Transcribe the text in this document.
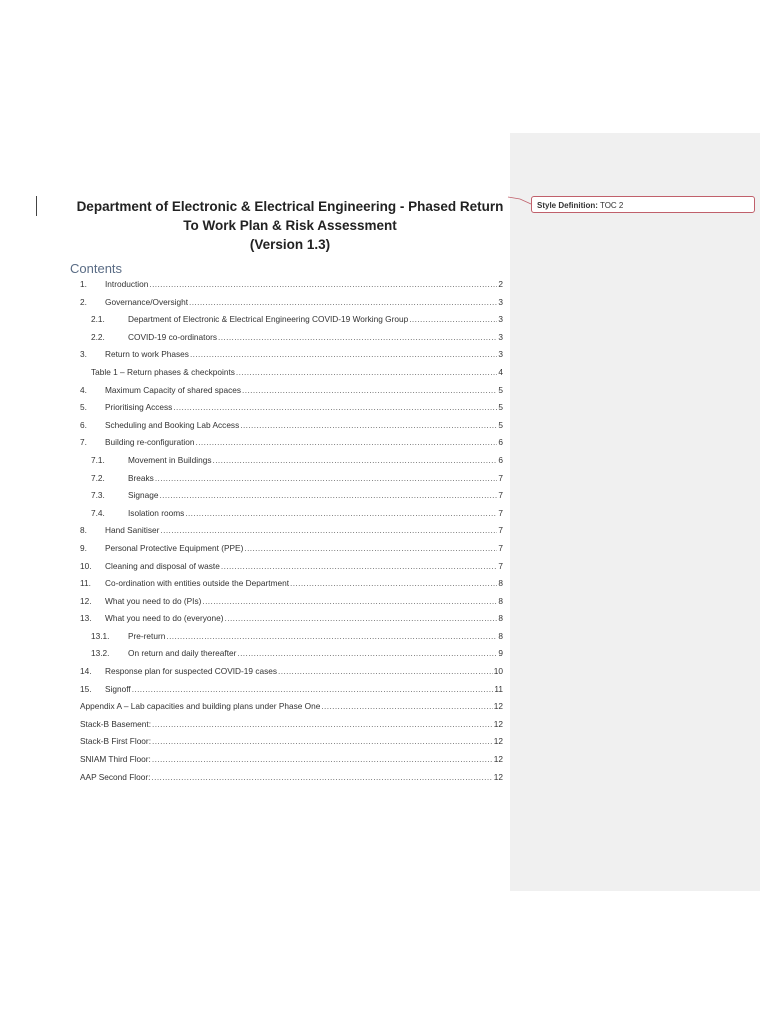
Department of Electronic & Electrical Engineering - Phased Return
To Work Plan & Risk Assessment
(Version 1.3)
Contents
1.	Introduction .....	2
2.	Governance/Oversight .....	3
2.1.	Department of Electronic & Electrical Engineering COVID-19 Working Group .....	3
2.2.	COVID-19 co-ordinators .....	3
3.	Return to work Phases .....	3
Table 1 – Return phases & checkpoints .....	4
4.	Maximum Capacity of shared spaces .....	5
5.	Prioritising Access .....	5
6.	Scheduling and Booking Lab Access .....	5
7.	Building re-configuration .....	6
7.1.	Movement in Buildings .....	6
7.2.	Breaks .....	7
7.3.	Signage .....	7
7.4.	Isolation rooms .....	7
8.	Hand Sanitiser .....	7
9.	Personal Protective Equipment (PPE) .....	7
10.	Cleaning and disposal of waste .....	7
11.	Co-ordination with entities outside the Department .....	8
12.	What you need to do (PIs) .....	8
13.	What you need to do (everyone) .....	8
13.1.	Pre-return .....	8
13.2.	On return and daily thereafter .....	9
14.	Response plan for suspected COVID-19 cases .....	10
15.	Signoff .....	11
Appendix A – Lab capacities and building plans under Phase One .....	12
Stack-B Basement: .....	12
Stack-B First Floor: .....	12
SNIAM Third Floor: .....	12
AAP Second Floor: .....	12
Style Definition: TOC 2
